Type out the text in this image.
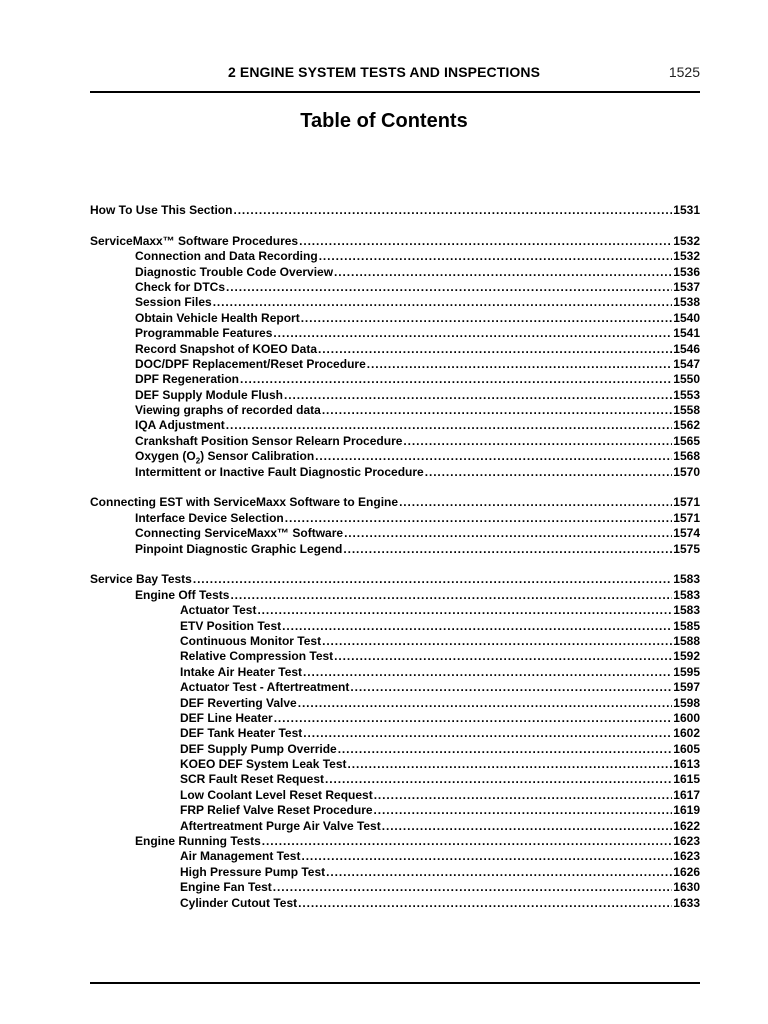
2 ENGINE SYSTEM TESTS AND INSPECTIONS	1525
Table of Contents
How To Use This Section .....	1531
ServiceMaxx™ Software Procedures .....	1532
Connection and Data Recording .....	1532
Diagnostic Trouble Code Overview .....	1536
Check for DTCs .....	1537
Session Files .....	1538
Obtain Vehicle Health Report .....	1540
Programmable Features .....	1541
Record Snapshot of KOEO Data .....	1546
DOC/DPF Replacement/Reset Procedure .....	1547
DPF Regeneration .....	1550
DEF Supply Module Flush .....	1553
Viewing graphs of recorded data .....	1558
IQA Adjustment .....	1562
Crankshaft Position Sensor Relearn Procedure .....	1565
Oxygen $(O_2)$ Sensor Calibration .....	1568
Intermittent or Inactive Fault Diagnostic Procedure .....	1570
Connecting EST with ServiceMaxx Software to Engine .....	1571
Interface Device Selection .....	1571
Connecting ServiceMaxx™ Software .....	1574
Pinpoint Diagnostic Graphic Legend .....	1575
Service Bay Tests .....	1583
Engine Off Tests .....	1583
Actuator Test .....	1583
ETV Position Test .....	1585
Continuous Monitor Test .....	1588
Relative Compression Test .....	1592
Intake Air Heater Test .....	1595
Actuator Test - Aftertreatment .....	1597
DEF Reverting Valve .....	1598
DEF Line Heater .....	1600
DEF Tank Heater Test .....	1602
DEF Supply Pump Override .....	1605
KOEO DEF System Leak Test .....	1613
SCR Fault Reset Request .....	1615
Low Coolant Level Reset Request .....	1617
FRP Relief Valve Reset Procedure .....	1619
Aftertreatment Purge Air Valve Test .....	1622
Engine Running Tests .....	1623
Air Management Test .....	1623
High Pressure Pump Test .....	1626
Engine Fan Test .....	1630
Cylinder Cutout Test .....	1633
